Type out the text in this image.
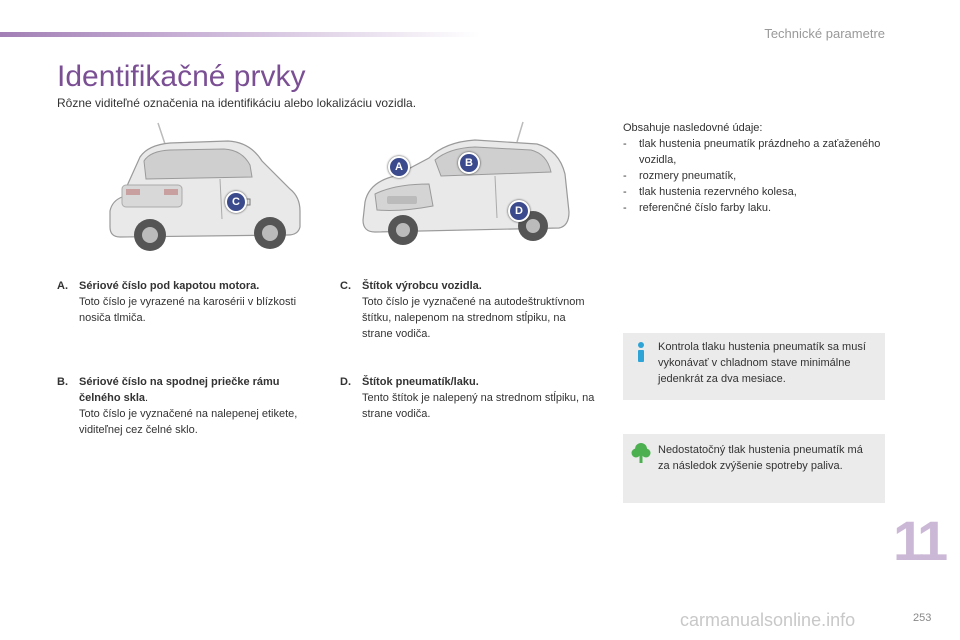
Technické parametre
Identifikačné prvky
Rôzne viditeľné označenia na identifikáciu alebo lokalizáciu vozidla.
C
A	B
D
A. Sériové číslo pod kapotou motora.
Toto číslo je vyrazené na karosérii v blízkosti nosiča tlmiča.
B. Sériové číslo na spodnej priečke rámu čelného skla.
Toto číslo je vyznačené na nalepenej etikete, viditeľnej cez čelné sklo.
C. Štítok výrobcu vozidla.
Toto číslo je vyznačené na autodeštruktívnom štítku, nalepenom na strednom stĺpiku, na strane vodiča.
D. Štítok pneumatík/laku.
Tento štítok je nalepený na strednom stĺpiku, na strane vodiča.
Obsahuje nasledovné údaje:
- tlak hustenia pneumatík prázdneho a zaťaženého vozidla,
- rozmery pneumatík,
- tlak hustenia rezervného kolesa,
- referenčné číslo farby laku.
Kontrola tlaku hustenia pneumatík sa musí vykonávať v chladnom stave minimálne jedenkrát za dva mesiace.
Nedostatočný tlak hustenia pneumatík má za následok zvýšenie spotreby paliva.
11
carmanualsonline.info	253
